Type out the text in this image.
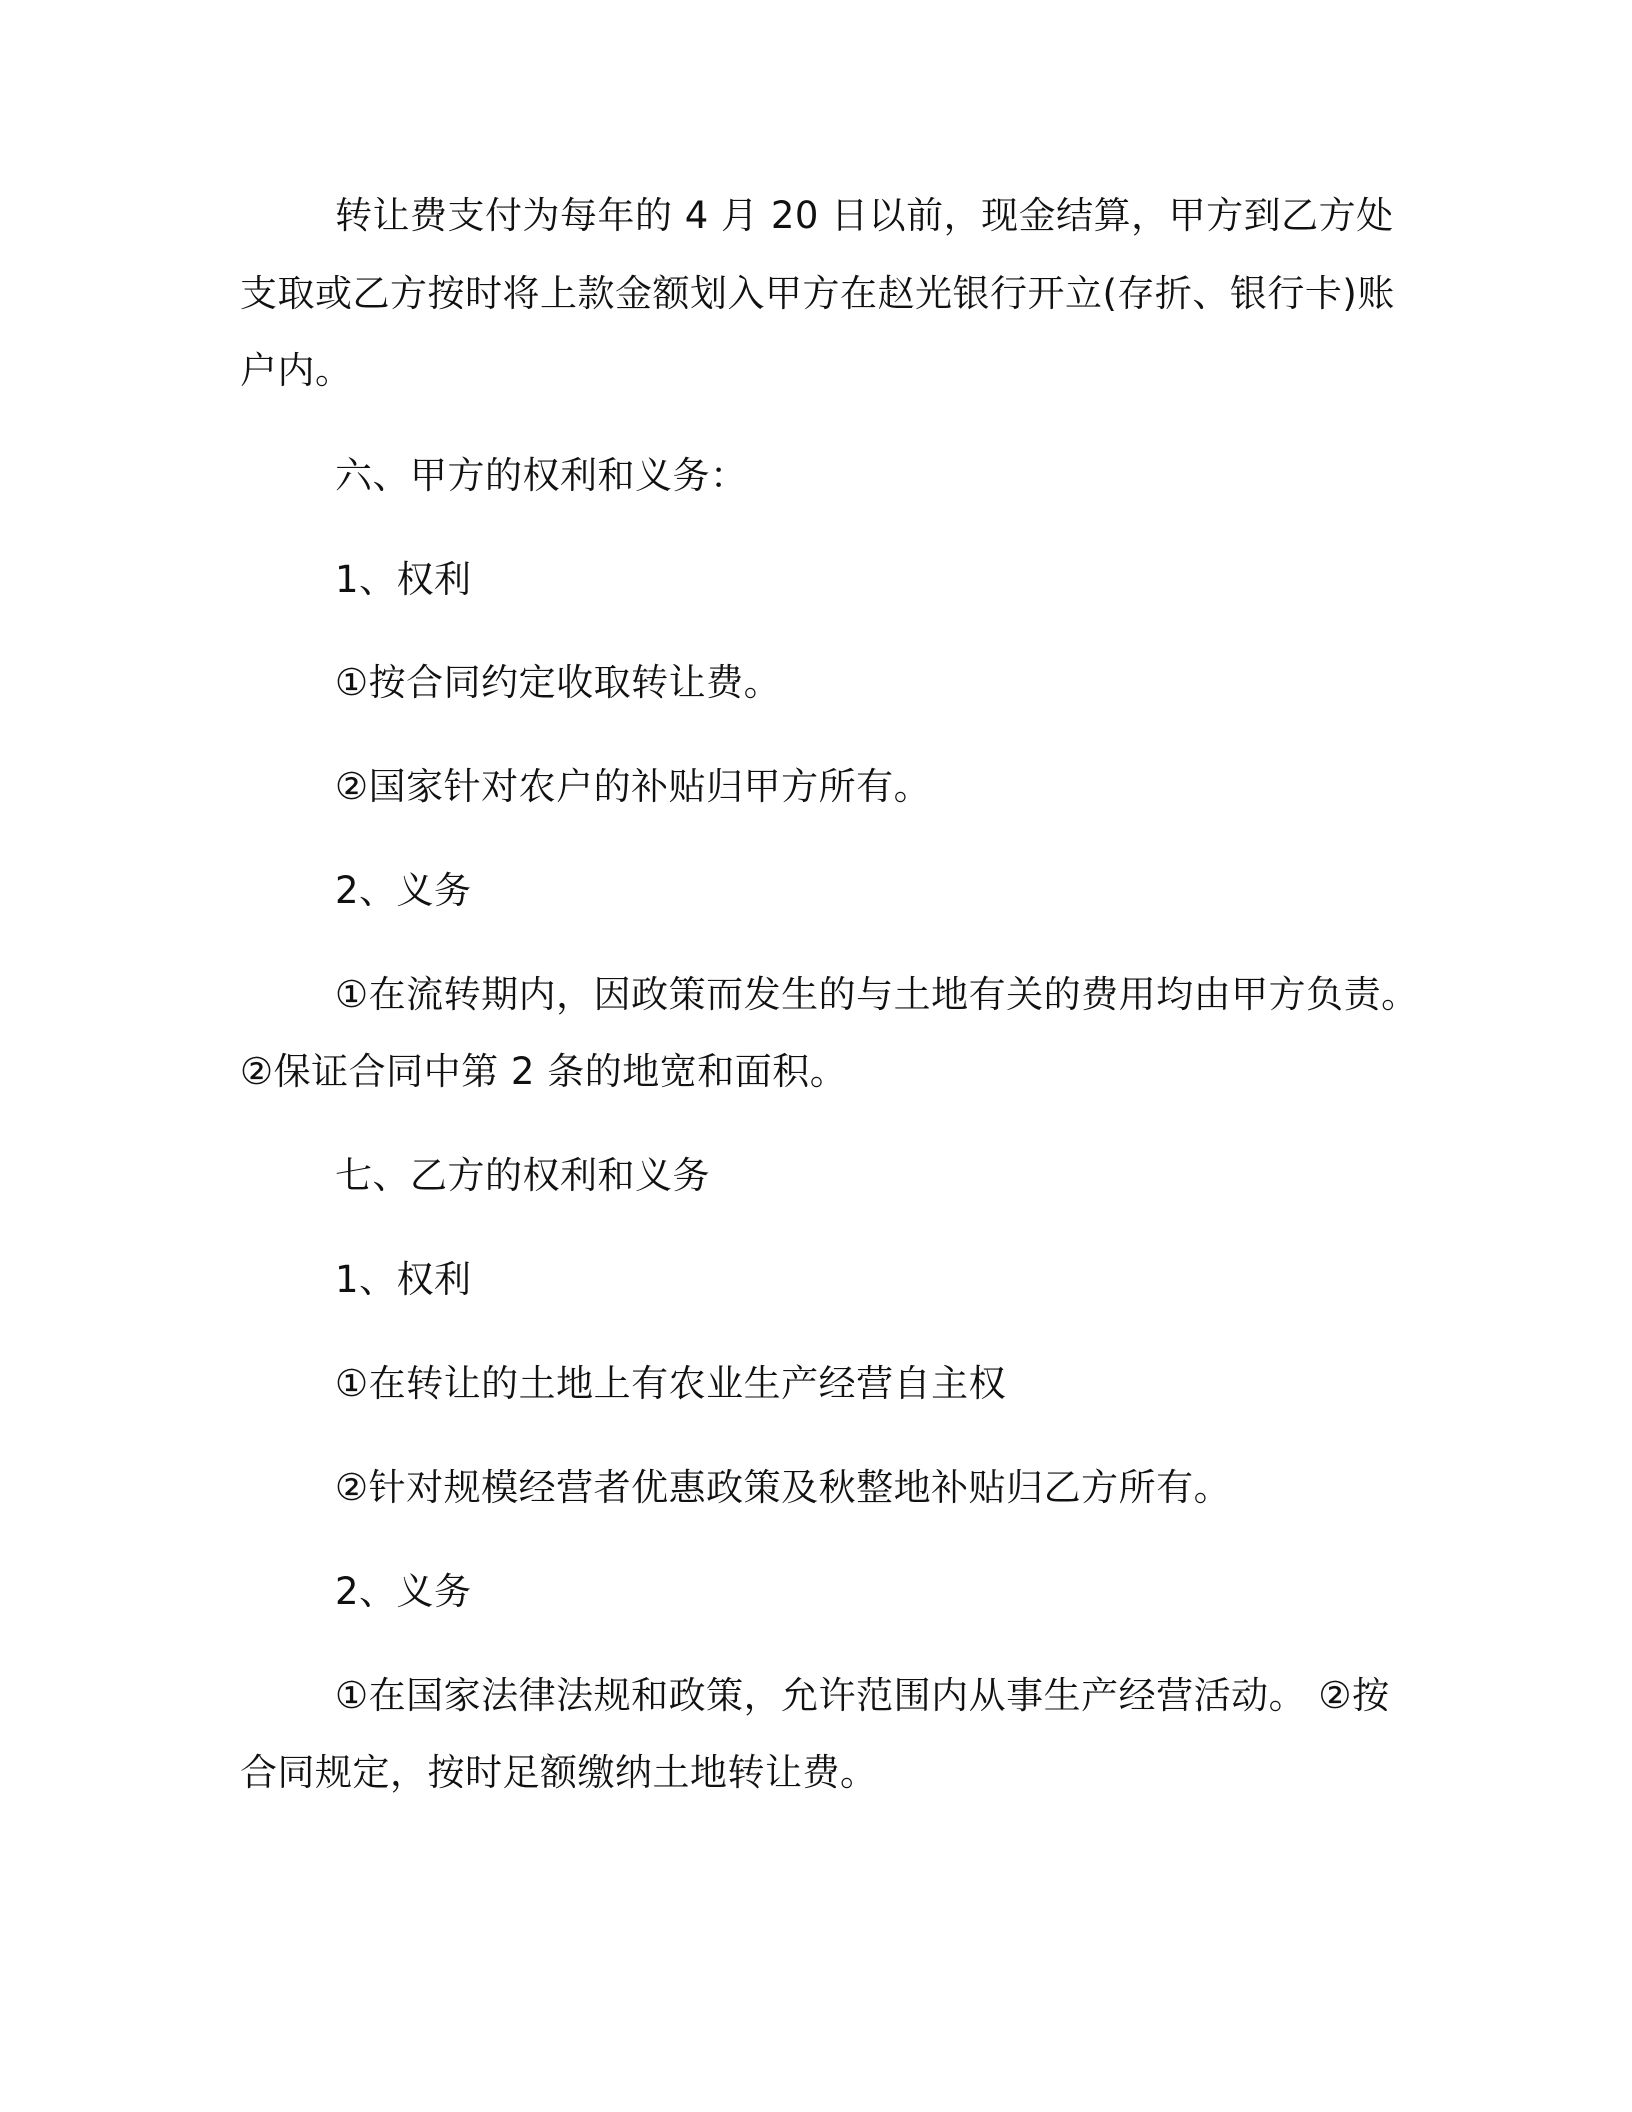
转让费支付为每年的 4 月 20 日以前，现金结算，甲方到乙方处
支取或乙方按时将上款金额划入甲方在赵光银行开立(存折、银行卡)账
户内。
六、甲方的权利和义务：
1、权利
①按合同约定收取转让费。
②国家针对农户的补贴归甲方所有。
2、义务
①在流转期内，因政策而发生的与土地有关的费用均由甲方负责。
②保证合同中第 2 条的地宽和面积。
七、乙方的权利和义务
1、权利
①在转让的土地上有农业生产经营自主权
②针对规模经营者优惠政策及秋整地补贴归乙方所有。
2、义务
①在国家法律法规和政策，允许范围内从事生产经营活动。 ②按
合同规定，按时足额缴纳土地转让费。
